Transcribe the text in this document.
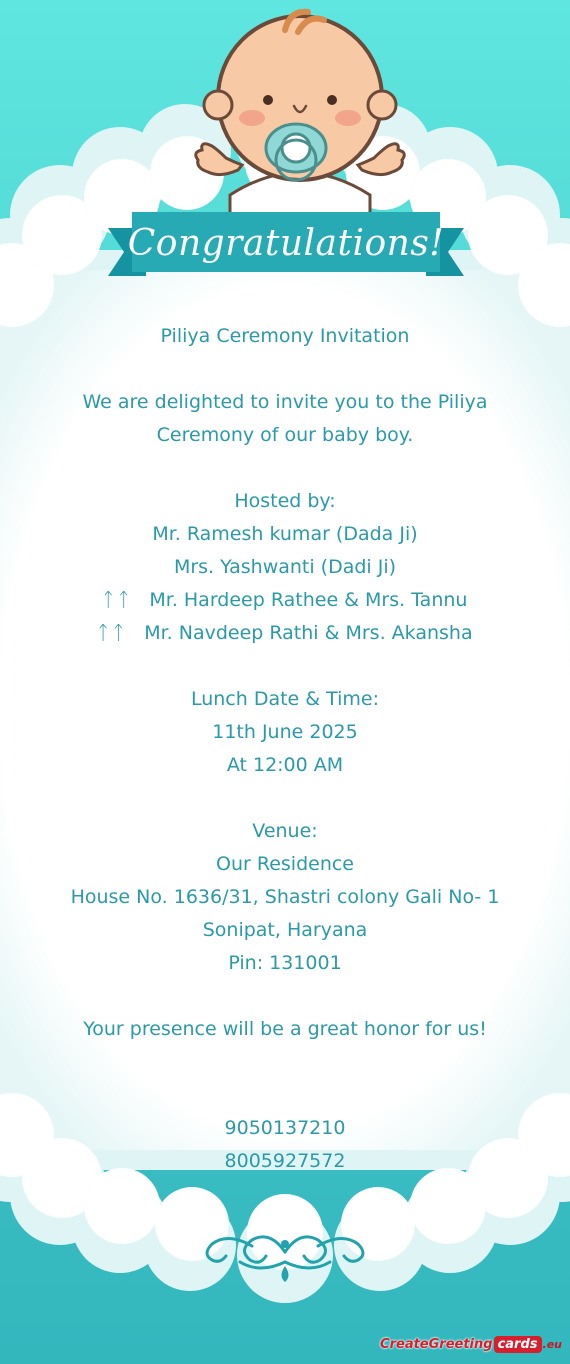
Congratulations!
Piliya Ceremony Invitation
We are delighted to invite you to the Piliya
Ceremony of our baby boy.
Hosted by:
Mr. Ramesh kumar (Dada Ji)
Mrs. Yashwanti (Dadi Ji)
ᛏᛏ Mr. Hardeep Rathee & Mrs. Tannu
ᛏᛏ Mr. Navdeep Rathi & Mrs. Akansha
Lunch Date & Time:
11th June 2025
At 12:00 AM
Venue:
Our Residence
House No. 1636/31, Shastri colony Gali No- 1
Sonipat, Haryana
Pin: 131001
Your presence will be a great honor for us!
9050137210
8005927572
CreateGreeting cards .eu
